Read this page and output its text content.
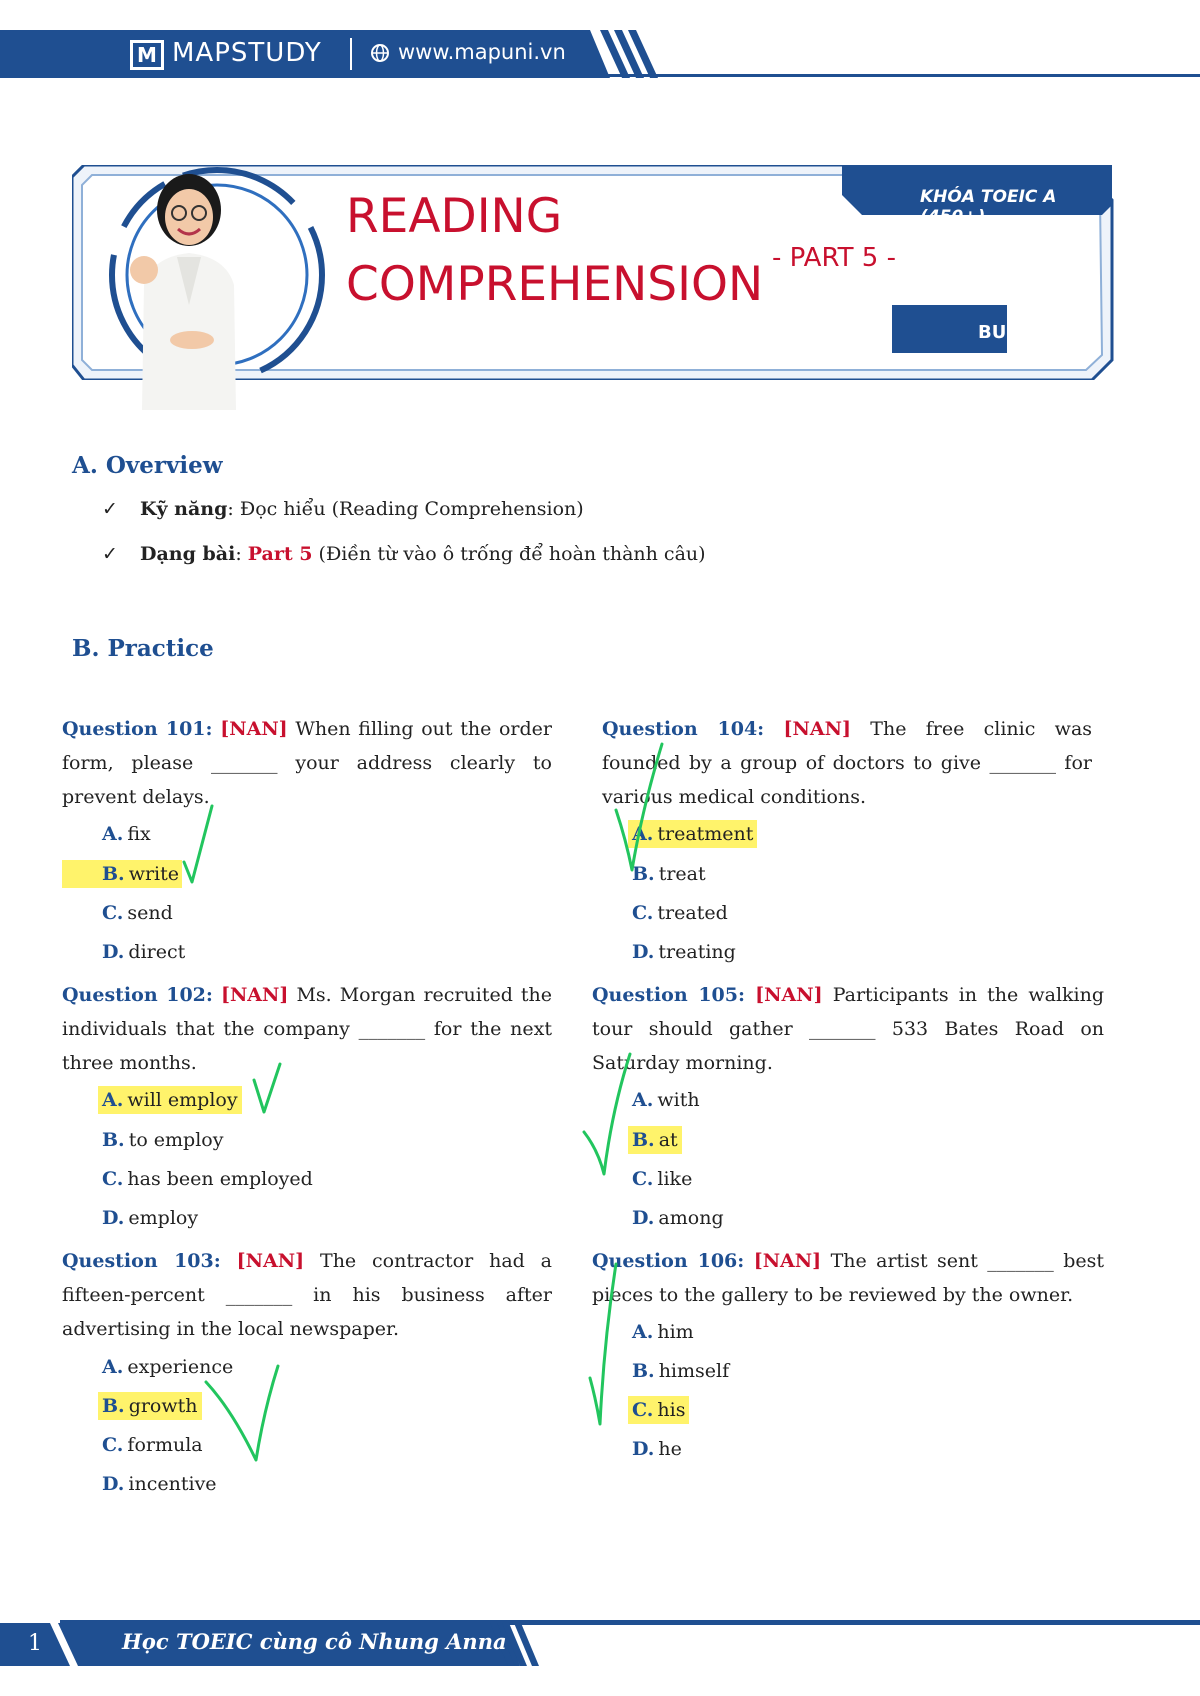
M MAPSTUDY	www.mapuni.vn
READING
COMPREHENSION - PART 5 -
KHÓA TOEIC A (450+)
BUỔI 1
A. Overview
✓ Kỹ năng: Đọc hiểu (Reading Comprehension)
✓ Dạng bài: Part 5 (Điền từ vào ô trống để hoàn thành câu)
B. Practice
Question 101: [NAN] When filling out the order form, please _______ your address clearly to prevent delays.
A. fix
B. write
C. send
D. direct
Question 102: [NAN] Ms. Morgan recruited the individuals that the company _______ for the next three months.
A. will employ
B. to employ
C. has been employed
D. employ
Question 103: [NAN] The contractor had a fifteen-percent _______ in his business after advertising in the local newspaper.
A. experience
B. growth
C. formula
D. incentive
Question 104: [NAN] The free clinic was founded by a group of doctors to give _______ for various medical conditions.
A. treatment
B. treat
C. treated
D. treating
Question 105: [NAN] Participants in the walking tour should gather _______ 533 Bates Road on Saturday morning.
A. with
B. at
C. like
D. among
Question 106: [NAN] The artist sent _______ best pieces to the gallery to be reviewed by the owner.
A. him
B. himself
C. his
D. he
1	Học TOEIC cùng cô Nhung Anna
